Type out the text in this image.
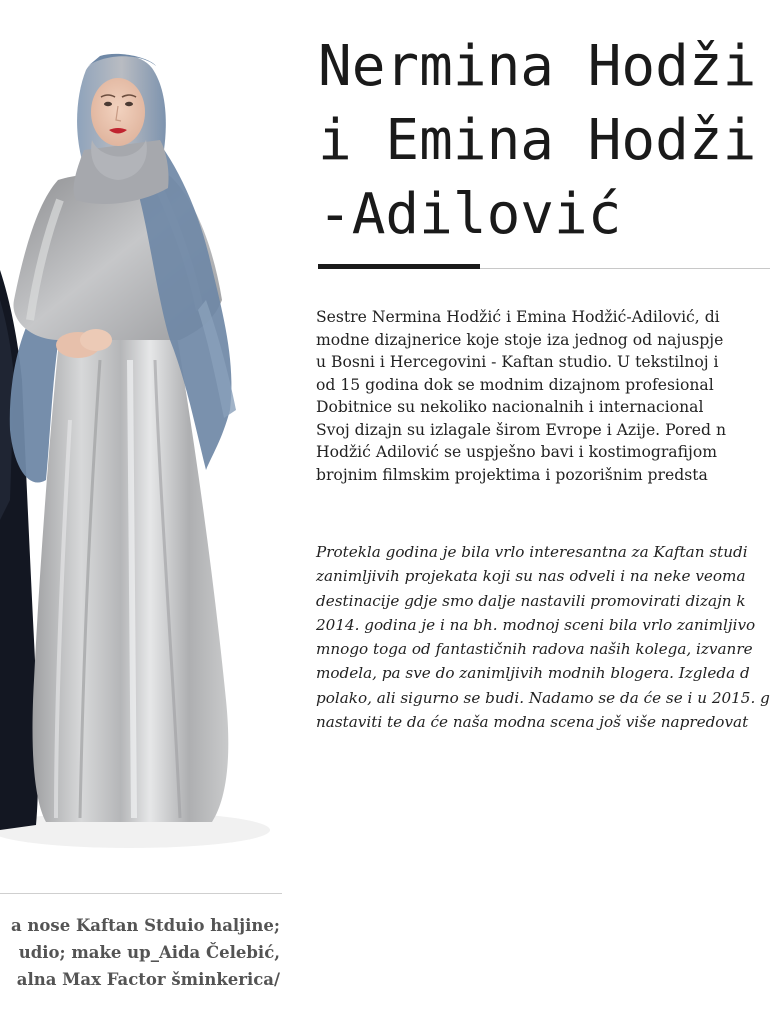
a nose Kaftan Stduio haljine;
udio; make up_Aida Čelebić,
alna Max Factor šminkerica/
Nermina Hodži
i Emina Hodži
-Adilović
Sestre Nermina Hodžić i Emina Hodžić-Adilović, di
modne dizajnerice koje stoje iza jednog od najuspje
u Bosni i Hercegovini - Kaftan studio. U tekstilnoj i
od 15 godina dok se modnim dizajnom profesional
Dobitnice su nekoliko nacionalnih i internacional
Svoj dizajn su izlagale širom Evrope i Azije. Pored n
Hodžić Adilović se uspješno bavi i kostimografijom
brojnim filmskim projektima i pozorišnim predsta
Protekla godina je bila vrlo interesantna za Kaftan studi
zanimljivih projekata koji su nas odveli i na neke veoma
destinacije gdje smo dalje nastavili promovirati dizajn k
2014. godina je i na bh. modnoj sceni bila vrlo zanimljivo
mnogo toga od fantastičnih radova naših kolega, izvanre
modela, pa sve do zanimljivih modnih blogera. Izgleda d
polako, ali sigurno se budi. Nadamo se da će se i u 2015. g
nastaviti te da će naša modna scena još više napredovat
